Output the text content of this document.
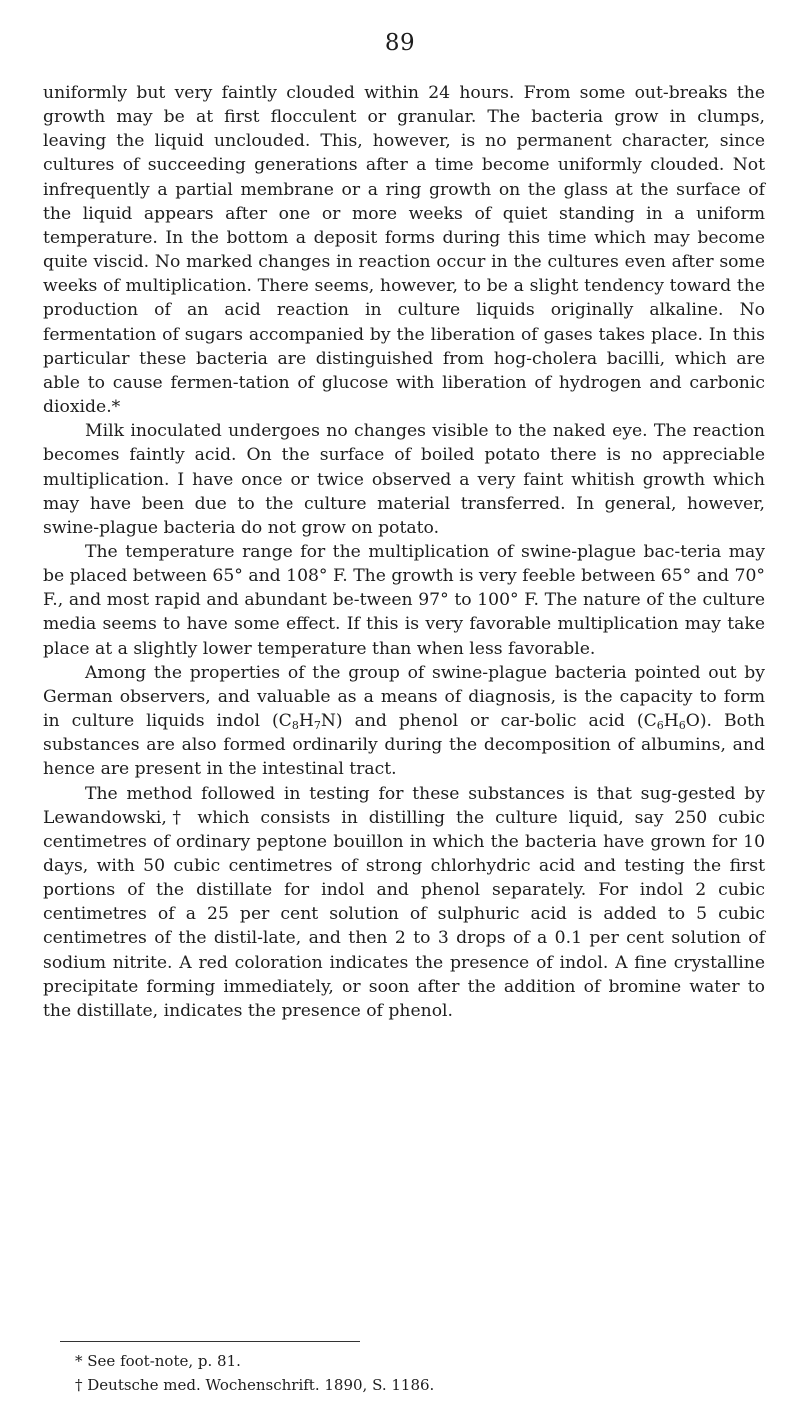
89

uniformly but very faintly clouded within 24 hours. From some out-breaks the growth may be at first flocculent or granular. The bacteria grow in clumps, leaving the liquid unclouded. This, however, is no permanent character, since cultures of succeeding generations after a time become uniformly clouded. Not infrequently a partial membrane or a ring growth on the glass at the surface of the liquid appears after one or more weeks of quiet standing in a uniform temperature. In the bottom a deposit forms during this time which may become quite viscid. No marked changes in reaction occur in the cultures even after some weeks of multiplication. There seems, however, to be a slight tendency toward the production of an acid reaction in culture liquids originally alkaline. No fermentation of sugars accompanied by the liberation of gases takes place. In this particular these bacteria are distinguished from hog-cholera bacilli, which are able to cause fermen-tation of glucose with liberation of hydrogen and carbonic dioxide.*

Milk inoculated undergoes no changes visible to the naked eye. The reaction becomes faintly acid. On the surface of boiled potato there is no appreciable multiplication. I have once or twice observed a very faint whitish growth which may have been due to the culture material transferred. In general, however, swine-plague bacteria do not grow on potato.

The temperature range for the multiplication of swine-plague bac-teria may be placed between 65° and 108° F. The growth is very feeble between 65° and 70° F., and most rapid and abundant be-tween 97° to 100° F. The nature of the culture media seems to have some effect. If this is very favorable multiplication may take place at a slightly lower temperature than when less favorable.

Among the properties of the group of swine-plague bacteria pointed out by German observers, and valuable as a means of diagnosis, is the capacity to form in culture liquids indol $(C_8H_7N)$ and phenol or car-bolic acid $(C_6H_6O)$. Both substances are also formed ordinarily during the decomposition of albumins, and hence are present in the intestinal tract.

The method followed in testing for these substances is that sug-gested by Lewandowski,† which consists in distilling the culture liquid, say 250 cubic centimetres of ordinary peptone bouillon in which the bacteria have grown for 10 days, with 50 cubic centimetres of strong chlorhydric acid and testing the first portions of the distillate for indol and phenol separately. For indol 2 cubic centimetres of a 25 per cent solution of sulphuric acid is added to 5 cubic centimetres of the distil-late, and then 2 to 3 drops of a 0.1 per cent solution of sodium nitrite. A red coloration indicates the presence of indol. A fine crystalline precipitate forming immediately, or soon after the addition of bromine water to the distillate, indicates the presence of phenol.

* See foot-note, p. 81.

† Deutsche med. Wochenschrift. 1890, S. 1186.
